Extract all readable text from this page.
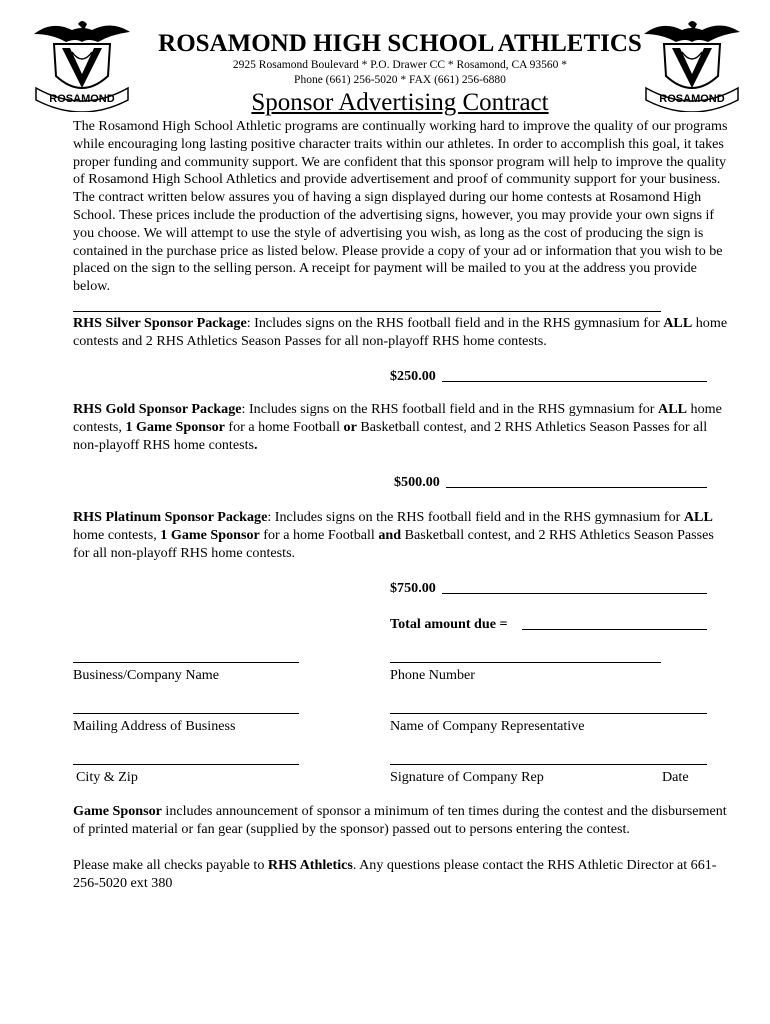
ROSAMOND	ROSAMOND
ROSAMOND HIGH SCHOOL ATHLETICS
2925 Rosamond Boulevard * P.O. Drawer CC * Rosamond, CA 93560 *
Phone (661) 256-5020 * FAX (661) 256-6880
Sponsor Advertising Contract

The Rosamond High School Athletic programs are continually working hard to improve the quality of our programs while encouraging long lasting positive character traits within our athletes. In order to accomplish this goal, it takes proper funding and community support. We are confident that this sponsor program will help to improve the quality of Rosamond High School Athletics and provide advertisement and proof of community support for your business. The contract written below assures you of having a sign displayed during our home contests at Rosamond High School. These prices include the production of the advertising signs, however, you may provide your own signs if you choose. We will attempt to use the style of advertising you wish, as long as the cost of producing the sign is contained in the purchase price as listed below. Please provide a copy of your ad or information that you wish to be placed on the sign to the selling person. A receipt for payment will be mailed to you at the address you provide below.

RHS Silver Sponsor Package: Includes signs on the RHS football field and in the RHS gymnasium for ALL home contests and 2 RHS Athletics Season Passes for all non-playoff RHS home contests.

$250.00

RHS Gold Sponsor Package: Includes signs on the RHS football field and in the RHS gymnasium for ALL home contests, 1 Game Sponsor for a home Football or Basketball contest, and 2 RHS Athletics Season Passes for all non-playoff RHS home contests.

$500.00

RHS Platinum Sponsor Package: Includes signs on the RHS football field and in the RHS gymnasium for ALL home contests, 1 Game Sponsor for a home Football and Basketball contest, and 2 RHS Athletics Season Passes for all non-playoff RHS home contests.

$750.00
Total amount due =
Business/Company Name	Phone Number
Mailing Address of Business	Name of Company Representative
City & Zip	Signature of Company Rep	Date

Game Sponsor includes announcement of sponsor a minimum of ten times during the contest and the disbursement of printed material or fan gear (supplied by the sponsor) passed out to persons entering the contest.

Please make all checks payable to RHS Athletics. Any questions please contact the RHS Athletic Director at 661-256-5020 ext 380
